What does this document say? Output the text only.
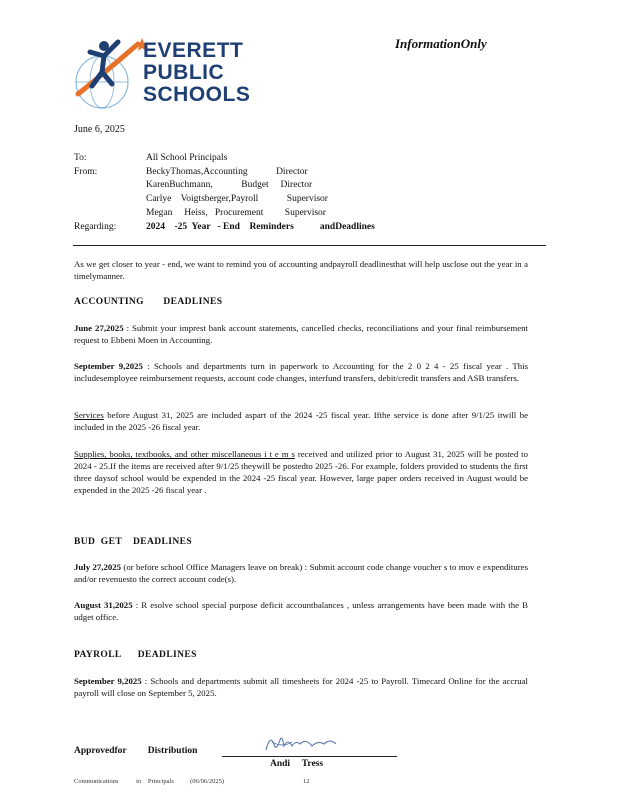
EVERETT
PUBLIC
SCHOOLS
InformationOnly
June 6, 2025
To:	All School Principals
From:	BeckyThomas,Accounting            Director
KarenBuchmann,            Budget     Director
Carlye    Voigtsberger,Payroll            Supervisor
Megan     Heiss,   Procurement         Supervisor
Regarding:	2024    -25  Year   - End    Reminders           andDeadlines
As we get closer to year - end, we want to remind you of accounting andpayroll deadlinesthat will help usclose out the year in a timelymanner.
ACCOUNTING       DEADLINES
June 27,2025 : Submit your imprest bank account statements, cancelled checks, reconciliations and your final reimbursement request to Ebbeni Moen in Accounting.
September 9,2025 : Schools and departments turn in paperwork to Accounting for the 2 0 2 4 - 25 fiscal year . This includesemployee reimbursement requests, account code changes, interfund transfers, debit/credit transfers and ASB transfers.
Services before August 31, 2025 are included aspart of the 2024 -25 fiscal year. Ifthe service is done after 9/1/25 itwill be included in the 2025 -26 fiscal year.
Supplies, books, textbooks, and other miscellaneous i t e m s received and utilized prior to August 31, 2025 will be posted to 2024 - 25.If the items are received after 9/1/25 theywill be postedto 2025 -26. For example, folders provided to students the first three daysof school would be expended in the 2024 -25 fiscal year. However, large paper orders received in August would be expended in the 2025 -26 fiscal year .
BUD  GET    DEADLINES
July 27,2025 (or before school Office Managers leave on break) : Submit account code change voucher s to mov e expenditures and/or revenuesto the correct account code(s).
August 31,2025 : R esolve school special purpose deficit accountbalances , unless arrangements have been made with the B udget office.
PAYROLL      DEADLINES
September 9,2025 : Schools and departments submit all timesheets for 2024 -25 to Payroll. Timecard Online for the accrual payroll will close on September 5, 2025.
Approvedfor         Distribution
Andi     Tress
Communications           to    Principals          (06/06/2025)	12
